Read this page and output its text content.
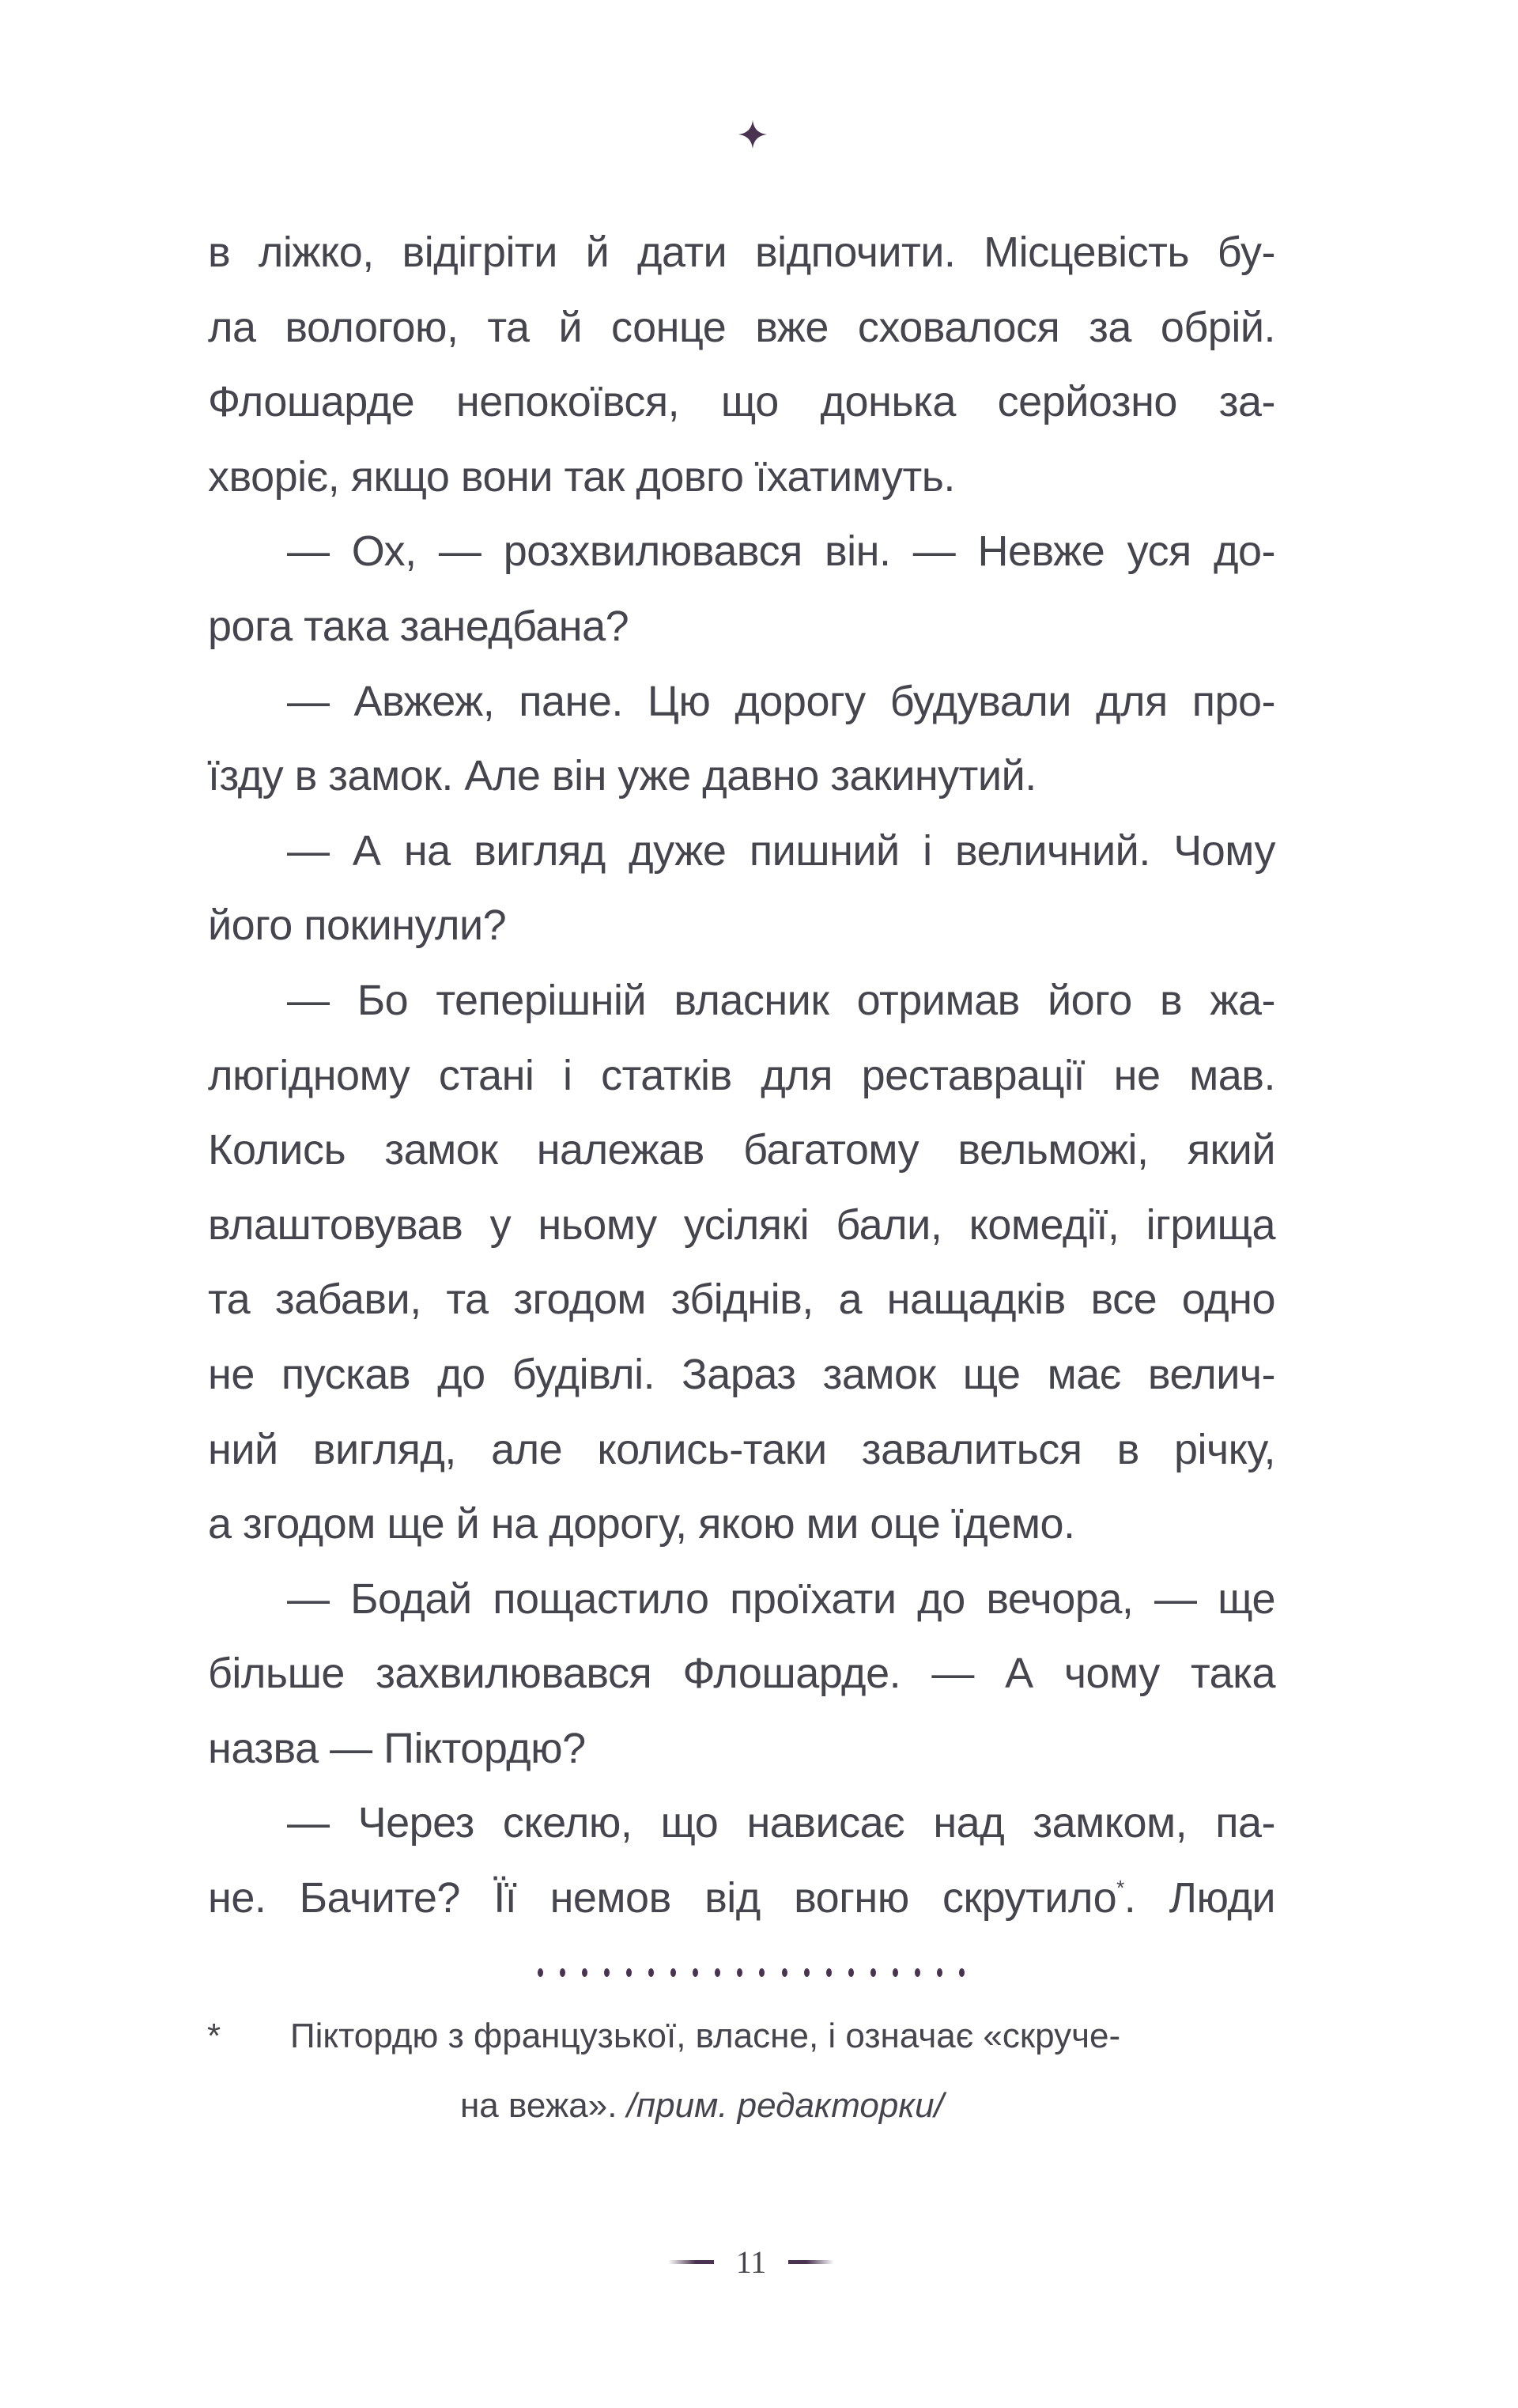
в ліжко, відігріти й дати відпочити. Місцевість бу-
ла вологою, та й сонце вже сховалося за обрій.
Флошарде непокоївся, що донька серйозно за-
хворіє, якщо вони так довго їхатимуть.
— Ох, — розхвилювався він. — Невже уся до-
рога така занедбана?
— Авжеж, пане. Цю дорогу будували для про-
їзду в замок. Але він уже давно закинутий.
— А на вигляд дуже пишний і величний. Чому
його покинули?
— Бо теперішній власник отримав його в жа-
люгідному стані і статків для реставрації не мав.
Колись замок належав багатому вельможі, який
влаштовував у ньому усілякі бали, комедії, ігрища
та забави, та згодом збіднів, а нащадків все одно
не пускав до будівлі. Зараз замок ще має велич-
ний вигляд, але колись-таки завалиться в річку,
а згодом ще й на дорогу, якою ми оце їдемо.
— Бодай пощастило проїхати до вечора, — ще
більше захвилювався Флошарде. — А чому така
назва — Піктордю?
— Через скелю, що нависає над замком, па-
не. Бачите? Її немов від вогню скрутило*. Люди
* Піктордю з французької, власне, і означає «скруче-
на вежа». /прим. редакторки/
11
